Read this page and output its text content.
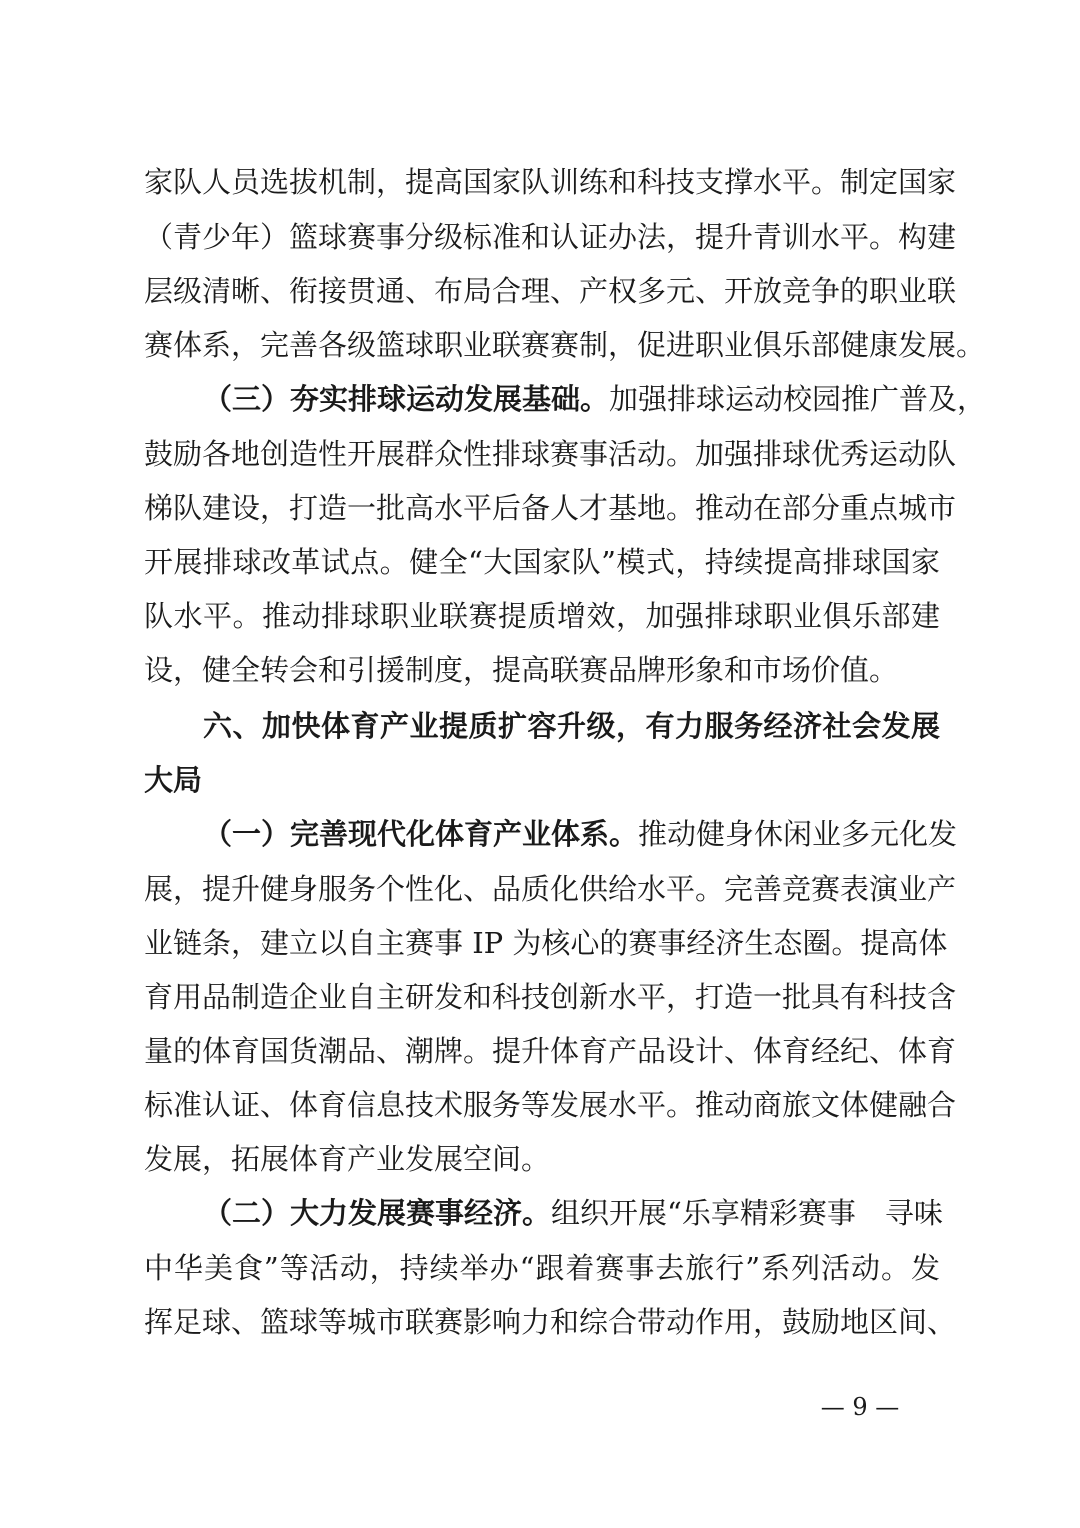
家队人员选拔机制，提高国家队训练和科技支撑水平。制定国家
（青少年）篮球赛事分级标准和认证办法，提升青训水平。构建
层级清晰、衔接贯通、布局合理、产权多元、开放竞争的职业联
赛体系，完善各级篮球职业联赛赛制，促进职业俱乐部健康发展。
（三）夯实排球运动发展基础。加强排球运动校园推广普及，
鼓励各地创造性开展群众性排球赛事活动。加强排球优秀运动队
梯队建设，打造一批高水平后备人才基地。推动在部分重点城市
开展排球改革试点。健全“大国家队”模式，持续提高排球国家
队水平。推动排球职业联赛提质增效，加强排球职业俱乐部建
设，健全转会和引援制度，提高联赛品牌形象和市场价值。
六、加快体育产业提质扩容升级，有力服务经济社会发展
大局
（一）完善现代化体育产业体系。推动健身休闲业多元化发
展，提升健身服务个性化、品质化供给水平。完善竞赛表演业产
业链条，建立以自主赛事 IP 为核心的赛事经济生态圈。提高体
育用品制造企业自主研发和科技创新水平，打造一批具有科技含
量的体育国货潮品、潮牌。提升体育产品设计、体育经纪、体育
标准认证、体育信息技术服务等发展水平。推动商旅文体健融合
发展，拓展体育产业发展空间。
（二）大力发展赛事经济。组织开展“乐享精彩赛事　寻味
中华美食”等活动，持续举办“跟着赛事去旅行”系列活动。发
挥足球、篮球等城市联赛影响力和综合带动作用，鼓励地区间、
— 9 —
